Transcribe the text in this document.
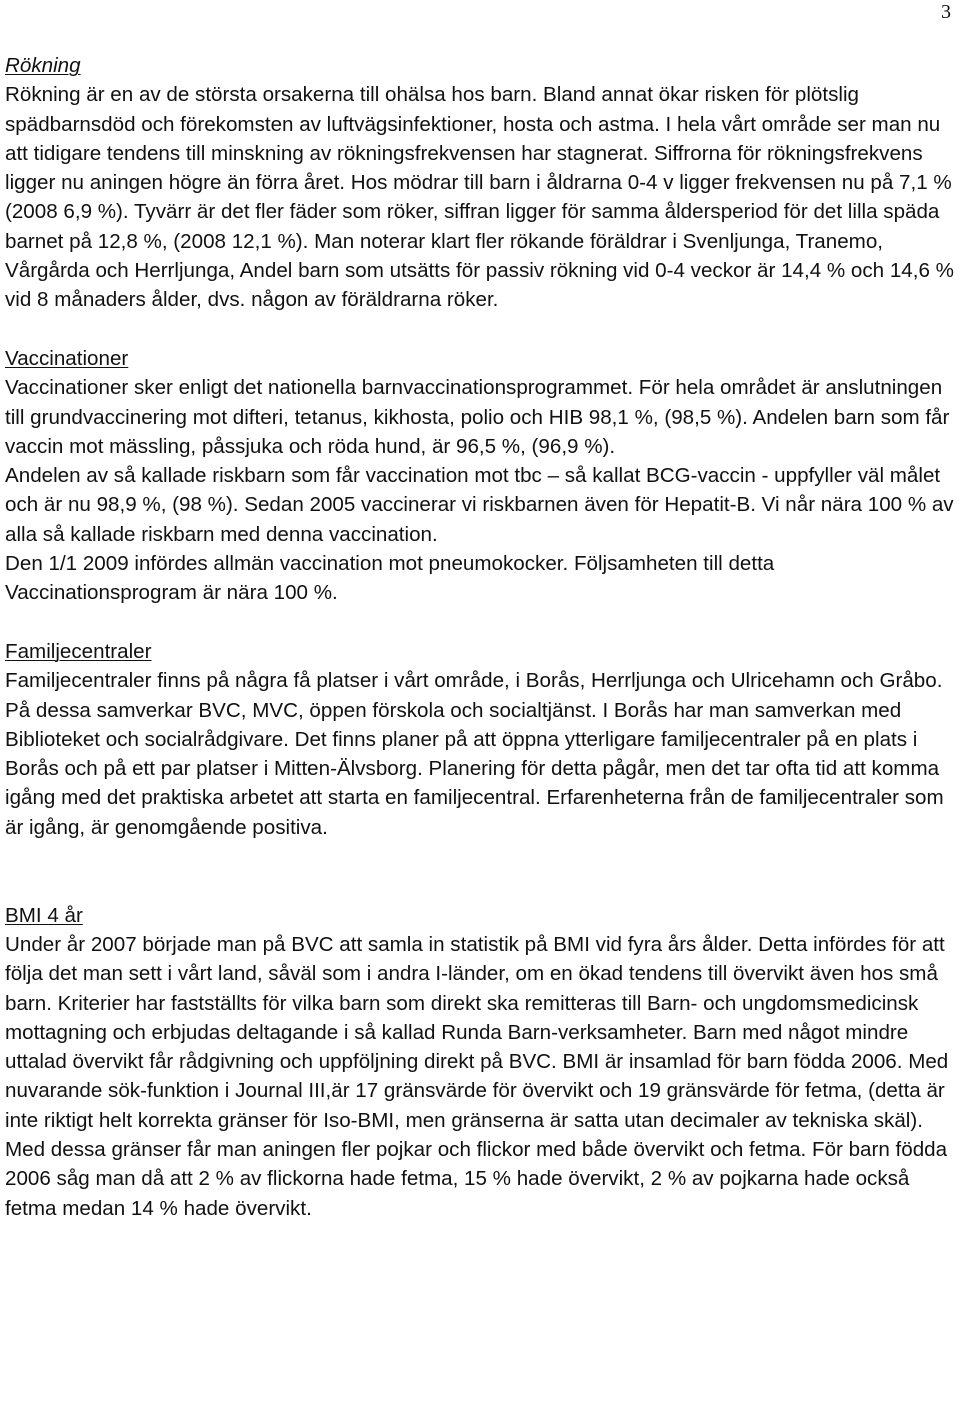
3
Rökning

Rökning är en av de största orsakerna till ohälsa hos barn. Bland annat ökar risken för plötslig spädbarnsdöd och förekomsten av luftvägsinfektioner, hosta och astma. I hela vårt område ser man nu att tidigare tendens till minskning av rökningsfrekvensen har stagnerat. Siffrorna för rökningsfrekvens ligger nu aningen högre än förra året. Hos mödrar till barn i åldrarna 0-4 v ligger frekvensen nu på 7,1 % (2008 6,9 %). Tyvärr är det fler fäder som röker, siffran ligger för samma åldersperiod för det lilla späda barnet på 12,8 %, (2008 12,1 %). Man noterar klart fler rökande föräldrar i Svenljunga, Tranemo, Vårgårda och Herrljunga, Andel barn som utsätts för passiv rökning vid 0-4 veckor är 14,4 % och 14,6 % vid 8 månaders ålder, dvs. någon av föräldrarna röker.

Vaccinationer

Vaccinationer sker enligt det nationella barnvaccinationsprogrammet. För hela området är anslutningen till grundvaccinering mot difteri, tetanus, kikhosta, polio och HIB 98,1 %, (98,5 %). Andelen barn som får vaccin mot mässling, påssjuka och röda hund, är 96,5 %, (96,9 %).

Andelen av så kallade riskbarn som får vaccination mot tbc – så kallat BCG-vaccin - uppfyller väl målet och är nu 98,9 %, (98 %). Sedan 2005 vaccinerar vi riskbarnen även för Hepatit-B. Vi når nära 100 % av alla så kallade riskbarn med denna vaccination.

Den 1/1 2009 infördes allmän vaccination mot pneumokocker. Följsamheten till detta Vaccinationsprogram är nära 100 %.

Familjecentraler

Familjecentraler finns på några få platser i vårt område, i Borås, Herrljunga och Ulricehamn och Gråbo. På dessa samverkar BVC, MVC, öppen förskola och socialtjänst. I Borås har man samverkan med Biblioteket och socialrådgivare. Det finns planer på att öppna ytterligare familjecentraler på en plats i Borås och på ett par platser i Mitten-Älvsborg. Planering för detta pågår, men det tar ofta tid att komma igång med det praktiska arbetet att starta en familjecentral. Erfarenheterna från de familjecentraler som är igång, är genomgående positiva.

BMI 4 år

Under år 2007 började man på BVC att samla in statistik på BMI vid fyra års ålder. Detta infördes för att följa det man sett i vårt land, såväl som i andra I-länder, om en ökad tendens till övervikt även hos små barn. Kriterier har fastställts för vilka barn som direkt ska remitteras till Barn- och ungdomsmedicinsk mottagning och erbjudas deltagande i så kallad Runda Barn-verksamheter. Barn med något mindre uttalad övervikt får rådgivning och uppföljning direkt på BVC. BMI är insamlad för barn födda 2006. Med nuvarande sök-funktion i Journal III,är 17 gränsvärde för övervikt och 19 gränsvärde för fetma, (detta är inte riktigt helt korrekta gränser för Iso-BMI, men gränserna är satta utan decimaler av tekniska skäl). Med dessa gränser får man aningen fler pojkar och flickor med både övervikt och fetma. För barn födda 2006 såg man då att 2 % av flickorna hade fetma, 15 % hade övervikt, 2 % av pojkarna hade också fetma medan 14 % hade övervikt.
